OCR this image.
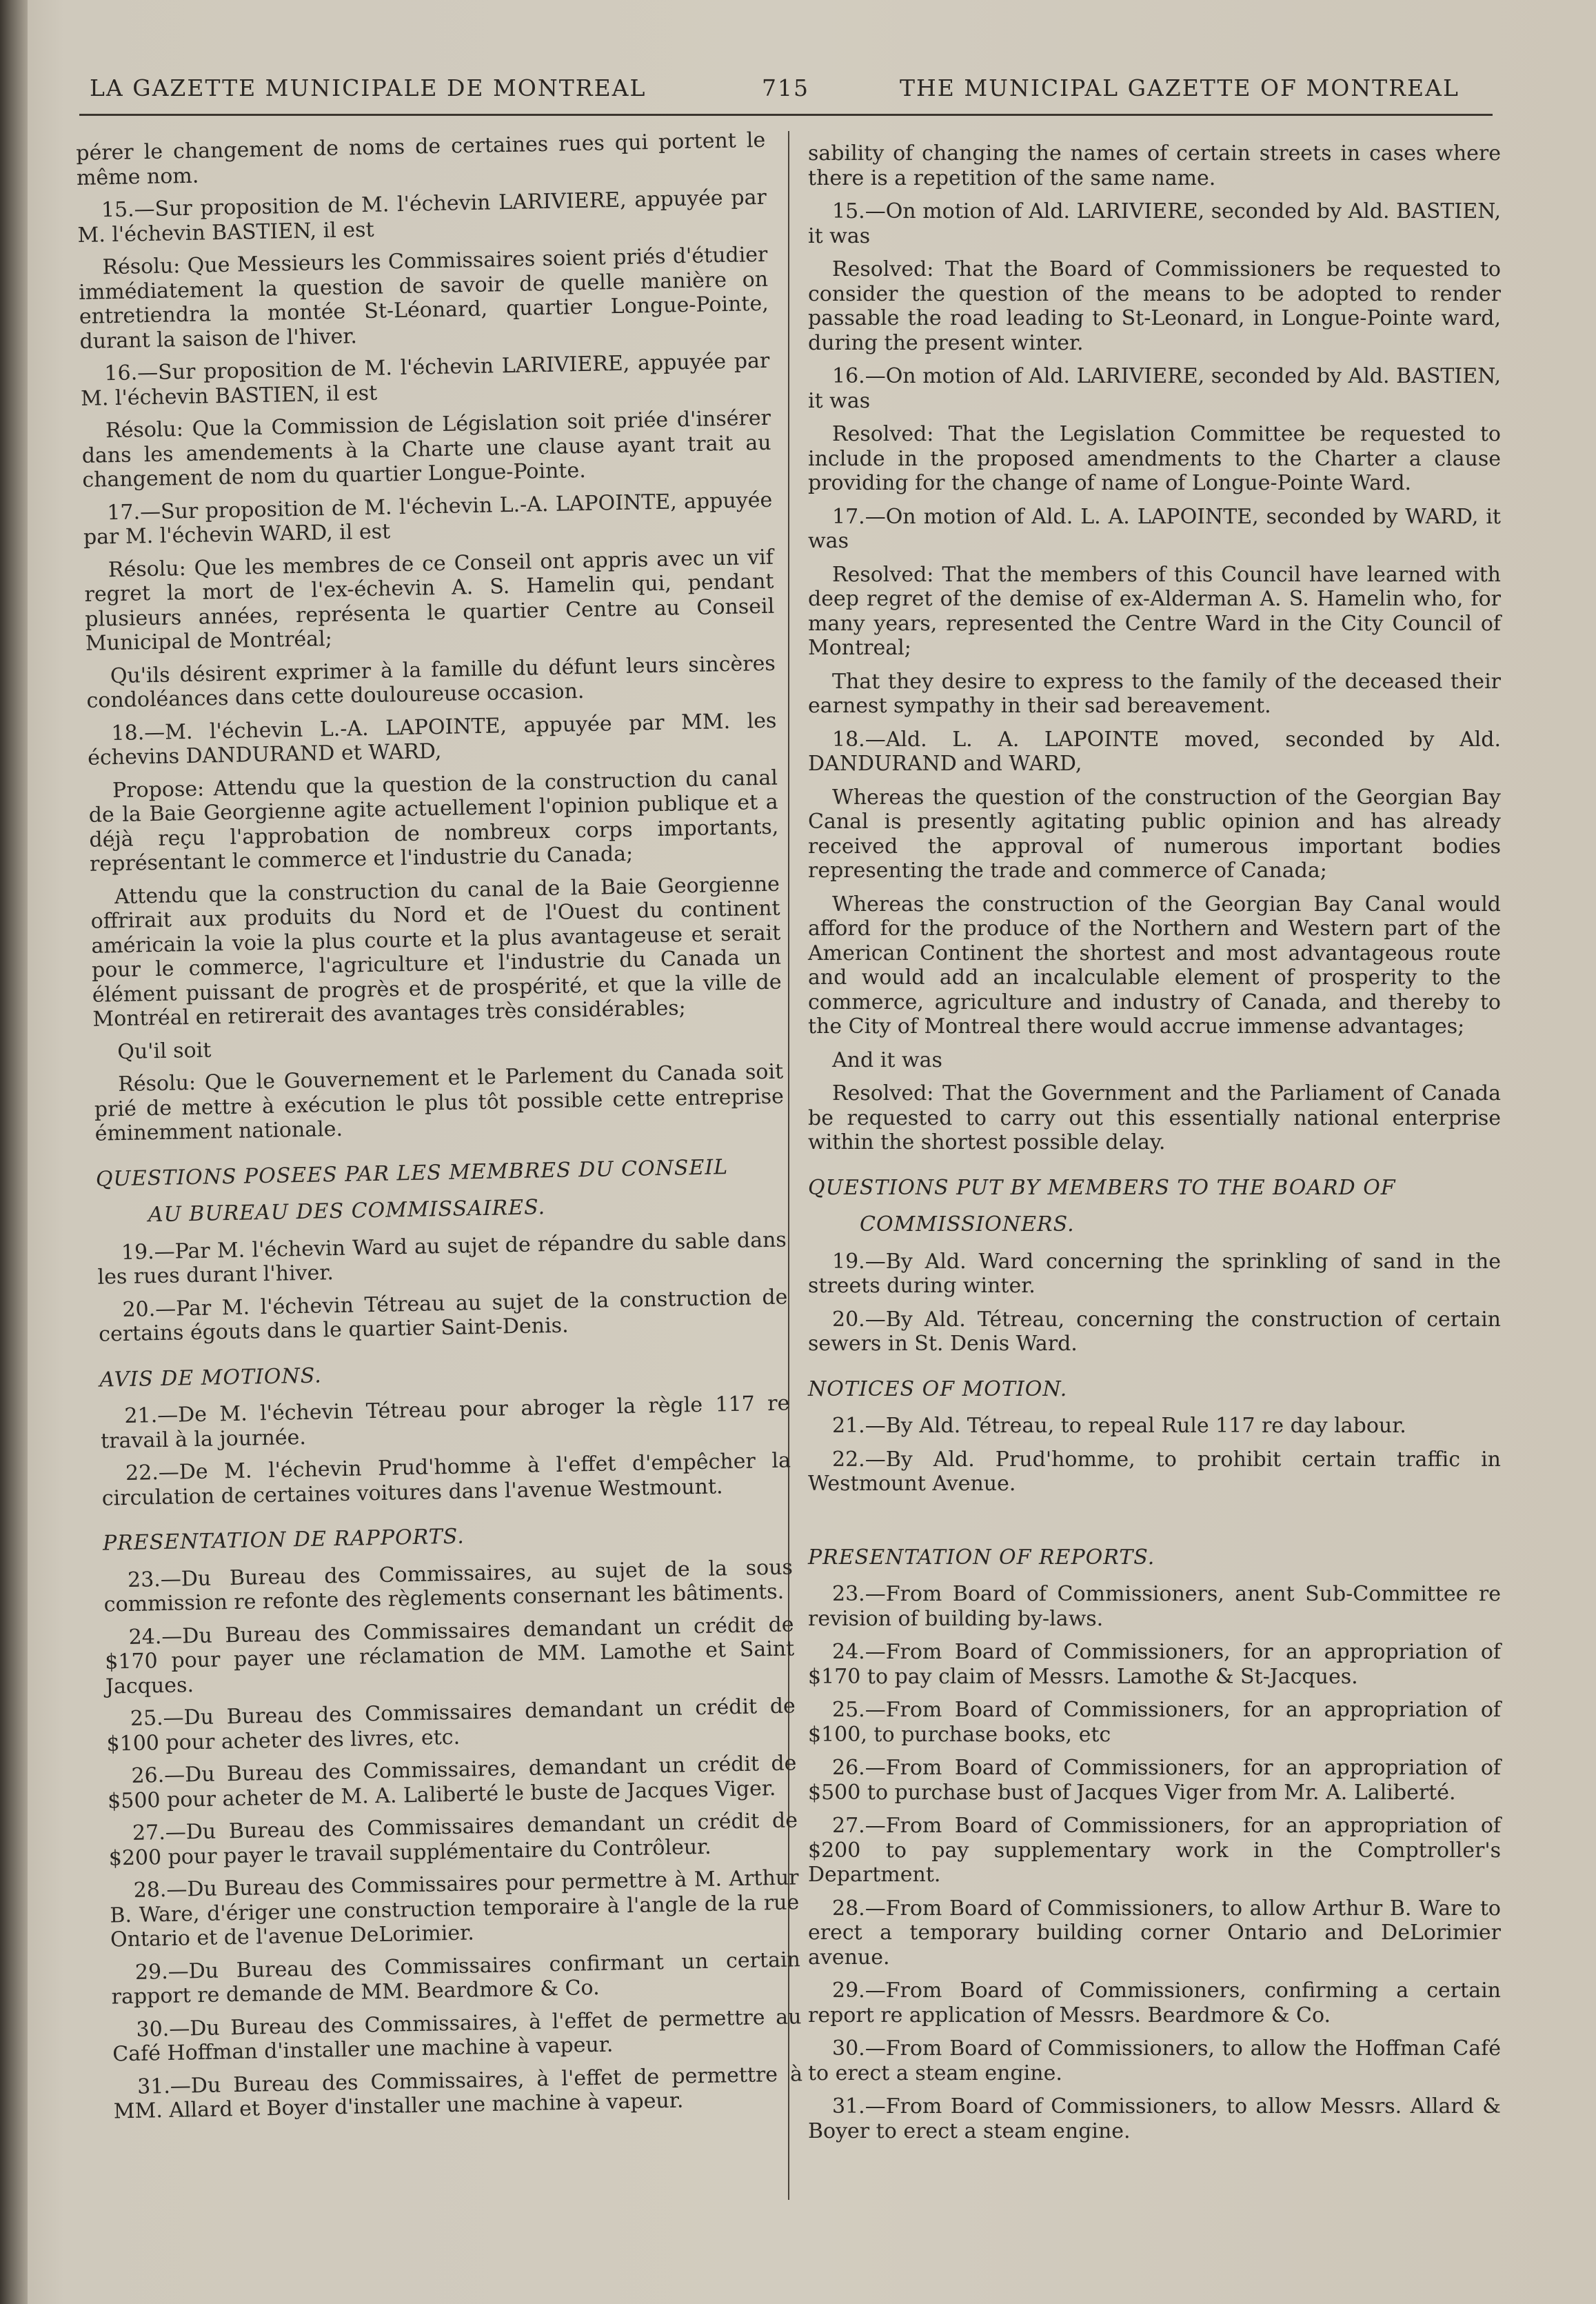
LA GAZETTE MUNICIPALE DE MONTREAL	715	THE MUNICIPAL GAZETTE OF MONTREAL

pérer le changement de noms de certaines rues qui portent le même nom.

15.—Sur proposition de M. l'échevin LARIVIERE, appuyée par M. l'échevin BASTIEN, il est

Résolu: Que Messieurs les Commissaires soient priés d'étudier immédiatement la question de savoir de quelle manière on entretiendra la montée St-Léonard, quartier Longue-Pointe, durant la saison de l'hiver.

16.—Sur proposition de M. l'échevin LARIVIERE, appuyée par M. l'échevin BASTIEN, il est

Résolu: Que la Commission de Législation soit priée d'insérer dans les amendements à la Charte une clause ayant trait au changement de nom du quartier Longue-Pointe.

17.—Sur proposition de M. l'échevin L.-A. LAPOINTE, appuyée par M. l'échevin WARD, il est

Résolu: Que les membres de ce Conseil ont appris avec un vif regret la mort de l'ex-échevin A. S. Hamelin qui, pendant plusieurs années, représenta le quartier Centre au Conseil Municipal de Montréal;

Qu'ils désirent exprimer à la famille du défunt leurs sincères condoléances dans cette douloureuse occasion.

18.—M. l'échevin L.-A. LAPOINTE, appuyée par MM. les échevins DANDURAND et WARD,

Propose: Attendu que la question de la construction du canal de la Baie Georgienne agite actuellement l'opinion publique et a déjà reçu l'approbation de nombreux corps importants, représentant le commerce et l'industrie du Canada;

Attendu que la construction du canal de la Baie Georgienne offrirait aux produits du Nord et de l'Ouest du continent américain la voie la plus courte et la plus avantageuse et serait pour le commerce, l'agriculture et l'industrie du Canada un élément puissant de progrès et de prospérité, et que la ville de Montréal en retirerait des avantages très considérables;

Qu'il soit

Résolu: Que le Gouvernement et le Parlement du Canada soit prié de mettre à exécution le plus tôt possible cette entreprise éminemment nationale.

QUESTIONS POSEES PAR LES MEMBRES DU CONSEIL
AU BUREAU DES COMMISSAIRES.

19.—Par M. l'échevin Ward au sujet de répandre du sable dans les rues durant l'hiver.

20.—Par M. l'échevin Tétreau au sujet de la construction de certains égouts dans le quartier Saint-Denis.

AVIS DE MOTIONS.

21.—De M. l'échevin Tétreau pour abroger la règle 117 re travail à la journée.

22.—De M. l'échevin Prud'homme à l'effet d'empêcher la circulation de certaines voitures dans l'avenue Westmount.

PRESENTATION DE RAPPORTS.

23.—Du Bureau des Commissaires, au sujet de la sous commission re refonte des règlements consernant les bâtiments.

24.—Du Bureau des Commissaires demandant un crédit de $170 pour payer une réclamation de MM. Lamothe et Saint Jacques.

25.—Du Bureau des Commissaires demandant un crédit de $100 pour acheter des livres, etc.

26.—Du Bureau des Commissaires, demandant un crédit de $500 pour acheter de M. A. Laliberté le buste de Jacques Viger.

27.—Du Bureau des Commissaires demandant un crédit de $200 pour payer le travail supplémentaire du Contrôleur.

28.—Du Bureau des Commissaires pour permettre à M. Arthur B. Ware, d'ériger une construction temporaire à l'angle de la rue Ontario et de l'avenue DeLorimier.

29.—Du Bureau des Commissaires confirmant un certain rapport re demande de MM. Beardmore & Co.

30.—Du Bureau des Commissaires, à l'effet de permettre au Café Hoffman d'installer une machine à vapeur.

31.—Du Bureau des Commissaires, à l'effet de permettre à MM. Allard et Boyer d'installer une machine à vapeur.

sability of changing the names of certain streets in cases where there is a repetition of the same name.

15.—On motion of Ald. LARIVIERE, seconded by Ald. BASTIEN, it was

Resolved: That the Board of Commissioners be requested to consider the question of the means to be adopted to render passable the road leading to St-Leonard, in Longue-Pointe ward, during the present winter.

16.—On motion of Ald. LARIVIERE, seconded by Ald. BASTIEN, it was

Resolved: That the Legislation Committee be requested to include in the proposed amendments to the Charter a clause providing for the change of name of Longue-Pointe Ward.

17.—On motion of Ald. L. A. LAPOINTE, seconded by WARD, it was

Resolved: That the members of this Council have learned with deep regret of the demise of ex-Alderman A. S. Hamelin who, for many years, represented the Centre Ward in the City Council of Montreal;

That they desire to express to the family of the deceased their earnest sympathy in their sad bereavement.

18.—Ald. L. A. LAPOINTE moved, seconded by Ald. DANDURAND and WARD,

Whereas the question of the construction of the Georgian Bay Canal is presently agitating public opinion and has already received the approval of numerous important bodies representing the trade and commerce of Canada;

Whereas the construction of the Georgian Bay Canal would afford for the produce of the Northern and Western part of the American Continent the shortest and most advantageous route and would add an incalculable element of prosperity to the commerce, agriculture and industry of Canada, and thereby to the City of Montreal there would accrue immense advantages;

And it was

Resolved: That the Government and the Parliament of Canada be requested to carry out this essentially national enterprise within the shortest possible delay.

QUESTIONS PUT BY MEMBERS TO THE BOARD OF
COMMISSIONERS.

19.—By Ald. Ward concerning the sprinkling of sand in the streets during winter.

20.—By Ald. Tétreau, concerning the construction of certain sewers in St. Denis Ward.

NOTICES OF MOTION.

21.—By Ald. Tétreau, to repeal Rule 117 re day labour.

22.—By Ald. Prud'homme, to prohibit certain traffic in Westmount Avenue.

PRESENTATION OF REPORTS.

23.—From Board of Commissioners, anent Sub-Committee re revision of building by-laws.

24.—From Board of Commissioners, for an appropriation of $170 to pay claim of Messrs. Lamothe & St-Jacques.

25.—From Board of Commissioners, for an appropriation of $100, to purchase books, etc

26.—From Board of Commissioners, for an appropriation of $500 to purchase bust of Jacques Viger from Mr. A. Laliberté.

27.—From Board of Commissioners, for an appropriation of $200 to pay supplementary work in the Comptroller's Department.

28.—From Board of Commissioners, to allow Arthur B. Ware to erect a temporary building corner Ontario and DeLorimier avenue.

29.—From Board of Commissioners, confirming a certain report re application of Messrs. Beardmore & Co.

30.—From Board of Commissioners, to allow the Hoffman Café to erect a steam engine.

31.—From Board of Commissioners, to allow Messrs. Allard & Boyer to erect a steam engine.
